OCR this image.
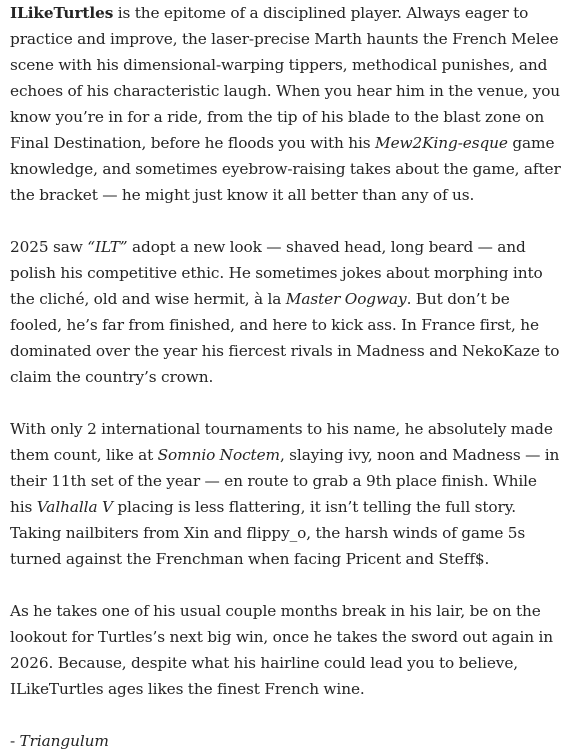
ILikeTurtles is the epitome of a disciplined player. Always eager to practice and improve, the laser-precise Marth haunts the French Melee scene with his dimensional-warping tippers, methodical punishes, and echoes of his characteristic laugh. When you hear him in the venue, you know you’re in for a ride, from the tip of his blade to the blast zone on Final Destination, before he floods you with his Mew2King-esque game knowledge, and sometimes eyebrow-raising takes about the game, after the bracket — he might just know it all better than any of us.

2025 saw “ILT” adopt a new look — shaved head, long beard — and polish his competitive ethic. He sometimes jokes about morphing into the cliché, old and wise hermit, à la Master Oogway. But don’t be fooled, he’s far from finished, and here to kick ass. In France first, he dominated over the year his fiercest rivals in Madness and NekoKaze to claim the country’s crown.

With only 2 international tournaments to his name, he absolutely made them count, like at Somnio Noctem, slaying ivy, noon and Madness — in their 11th set of the year — en route to grab a 9th place finish. While his Valhalla V placing is less flattering, it isn’t telling the full story. Taking nailbiters from Xin and flippy_o, the harsh winds of game 5s turned against the Frenchman when facing Pricent and Steff$.

As he takes one of his usual couple months break in his lair, be on the lookout for Turtles’s next big win, once he takes the sword out again in 2026. Because, despite what his hairline could lead you to believe, ILikeTurtles ages likes the finest French wine.

- Triangulum
